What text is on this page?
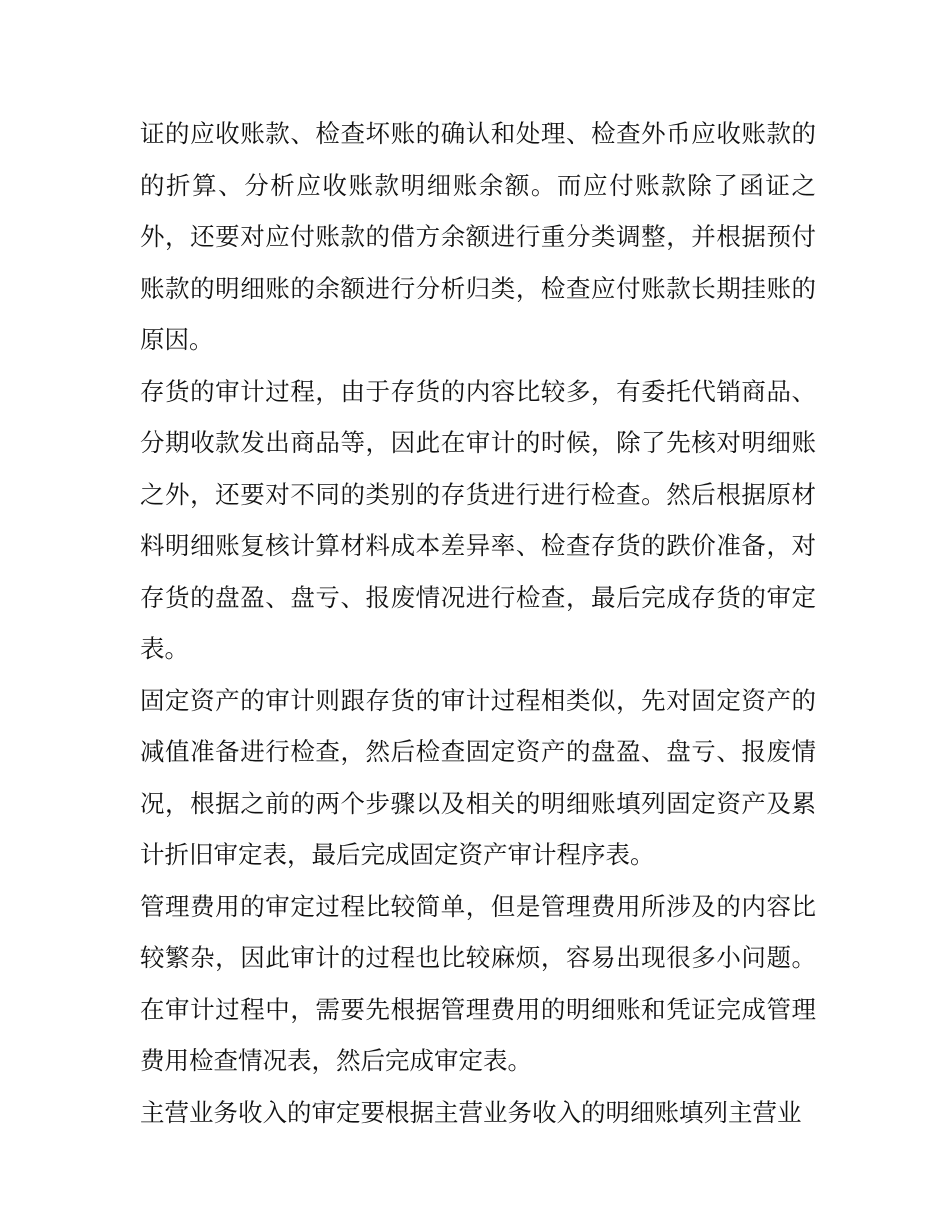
证的应收账款、检查坏账的确认和处理、检查外币应收账款的的折算、分析应收账款明细账余额。而应付账款除了函证之外，还要对应付账款的借方余额进行重分类调整，并根据预付账款的明细账的余额进行分析归类，检查应付账款长期挂账的原因。

存货的审计过程，由于存货的内容比较多，有委托代销商品、分期收款发出商品等，因此在审计的时候，除了先核对明细账之外，还要对不同的类别的存货进行进行检查。然后根据原材料明细账复核计算材料成本差异率、检查存货的跌价准备，对存货的盘盈、盘亏、报废情况进行检查，最后完成存货的审定表。

固定资产的审计则跟存货的审计过程相类似，先对固定资产的减值准备进行检查，然后检查固定资产的盘盈、盘亏、报废情况，根据之前的两个步骤以及相关的明细账填列固定资产及累计折旧审定表，最后完成固定资产审计程序表。

管理费用的审定过程比较简单，但是管理费用所涉及的内容比较繁杂，因此审计的过程也比较麻烦，容易出现很多小问题。在审计过程中，需要先根据管理费用的明细账和凭证完成管理费用检查情况表，然后完成审定表。

主营业务收入的审定要根据主营业务收入的明细账填列主营业
